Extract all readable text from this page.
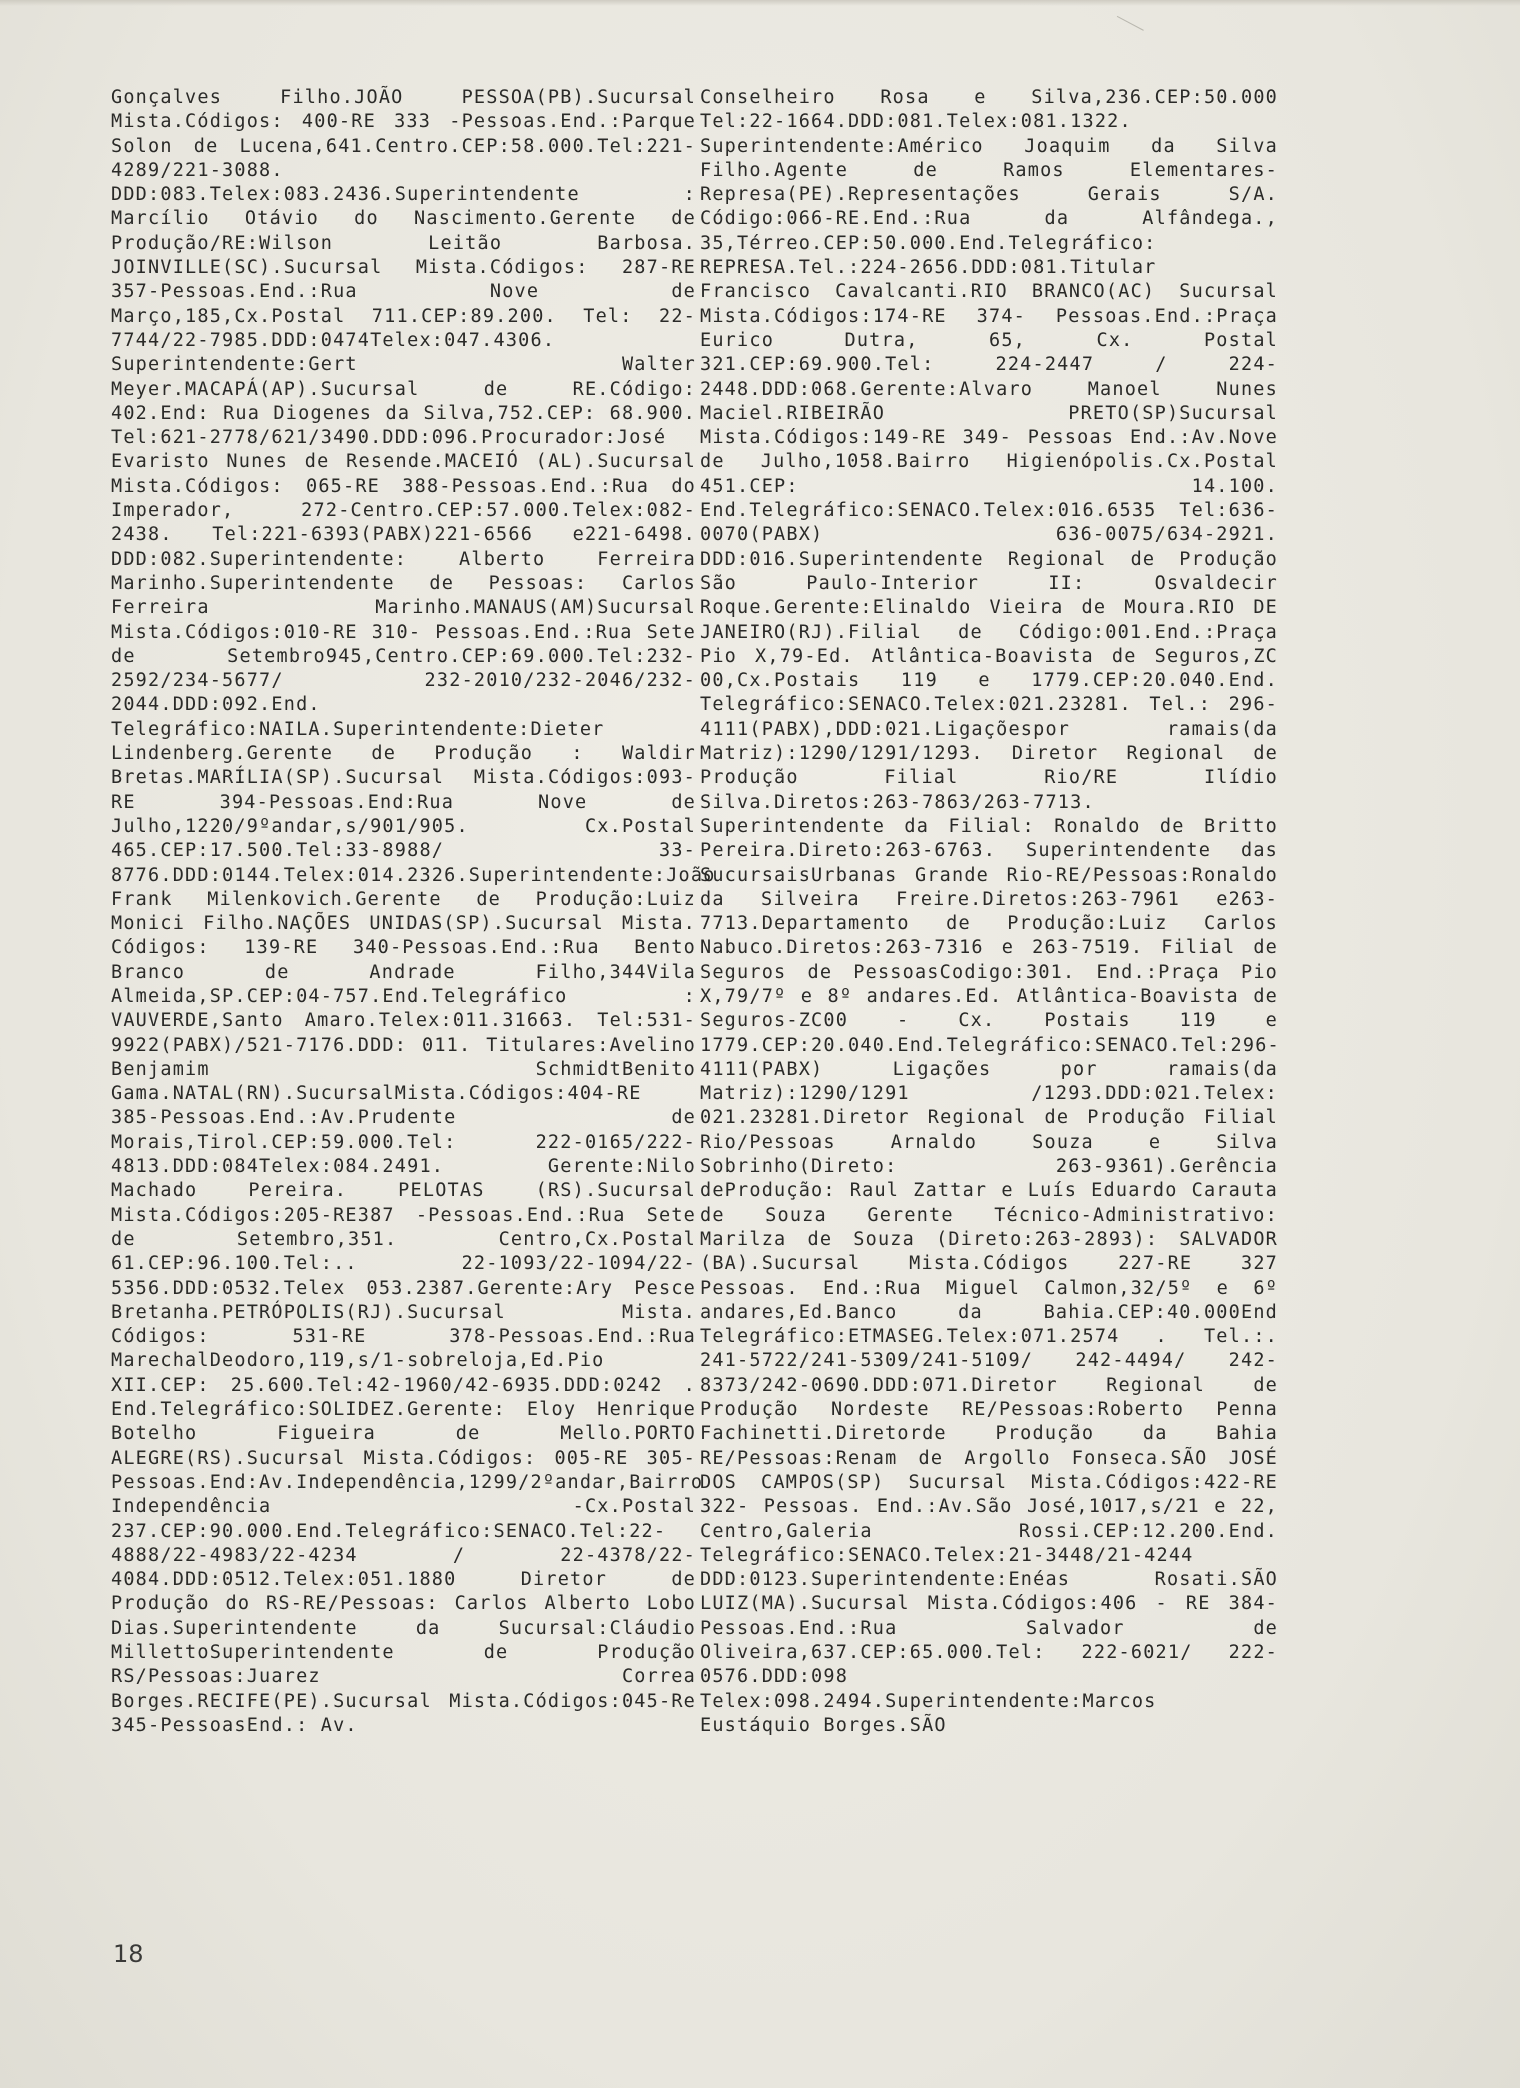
Gonçalves Filho.JOÃO PESSOA(PB).Sucursal Mista.Códigos: 400-RE 333 -Pessoas.End.:Parque Solon de Lucena,641.Centro.CEP:58.000.Tel:221-4289/221-3088. DDD:083.Telex:083.2436.Superintendente : Marcílio Otávio do Nascimento.Gerente de Produção/RE:Wilson Leitão Barbosa. JOINVILLE(SC).Sucursal Mista.Códigos: 287-RE 357-Pessoas.End.:Rua Nove de Março,185,Cx.Postal 711.CEP:89.200. Tel: 22-7744/22-7985.DDD:0474Telex:047.4306. Superintendente:Gert Walter Meyer.MACAPÁ(AP).Sucursal de RE.Código: 402.End: Rua Diogenes da Silva,752.CEP: 68.900. Tel:621-2778/621/3490.DDD:096.Procurador:José Evaristo Nunes de Resende.MACEIÓ (AL).Sucursal Mista.Códigos: 065-RE 388-Pessoas.End.:Rua do Imperador, 272-Centro.CEP:57.000.Telex:082-2438. Tel:221-6393(PABX)221-6566 e221-6498. DDD:082.Superintendente: Alberto Ferreira Marinho.Superintendente de Pessoas: Carlos Ferreira Marinho.MANAUS(AM)Sucursal Mista.Códigos:010-RE 310- Pessoas.End.:Rua Sete de Setembro945,Centro.CEP:69.000.Tel:232-2592/234-5677/ 232-2010/232-2046/232-2044.DDD:092.End. Telegráfico:NAILA.Superintendente:Dieter Lindenberg.Gerente de Produção : Waldir Bretas.MARÍLIA(SP).Sucursal Mista.Códigos:093-RE 394-Pessoas.End:Rua Nove de Julho,1220/9ºandar,s/901/905. Cx.Postal 465.CEP:17.500.Tel:33-8988/ 33-8776.DDD:0144.Telex:014.2326.Superintendente:João Frank Milenkovich.Gerente de Produção:Luiz Monici Filho.NAÇÕES UNIDAS(SP).Sucursal Mista. Códigos: 139-RE 340-Pessoas.End.:Rua Bento Branco de Andrade Filho,344Vila Almeida,SP.CEP:04-757.End.Telegráfico : VAUVERDE,Santo Amaro.Telex:011.31663. Tel:531-9922(PABX)/521-7176.DDD: 011. Titulares:Avelino Benjamim SchmidtBenito Gama.NATAL(RN).SucursalMista.Códigos:404-RE 385-Pessoas.End.:Av.Prudente de Morais,Tirol.CEP:59.000.Tel: 222-0165/222-4813.DDD:084Telex:084.2491. Gerente:Nilo Machado Pereira. PELOTAS (RS).Sucursal Mista.Códigos:205-RE387 -Pessoas.End.:Rua Sete de Setembro,351. Centro,Cx.Postal 61.CEP:96.100.Tel:.. 22-1093/22-1094/22-5356.DDD:0532.Telex 053.2387.Gerente:Ary Pesce Bretanha.PETRÓPOLIS(RJ).Sucursal Mista. Códigos: 531-RE 378-Pessoas.End.:Rua MarechalDeodoro,119,s/1-sobreloja,Ed.Pio XII.CEP: 25.600.Tel:42-1960/42-6935.DDD:0242 . End.Telegráfico:SOLIDEZ.Gerente: Eloy Henrique Botelho Figueira de Mello.PORTO ALEGRE(RS).Sucursal Mista.Códigos: 005-RE 305-Pessoas.End:Av.Independência,1299/2ºandar,Bairro Independência -Cx.Postal 237.CEP:90.000.End.Telegráfico:SENACO.Tel:22-4888/22-4983/22-4234 / 22-4378/22-4084.DDD:0512.Telex:051.1880 Diretor de Produção do RS-RE/Pessoas: Carlos Alberto Lobo Dias.Superintendente da Sucursal:Cláudio MillettoSuperintendente de Produção RS/Pessoas:Juarez Correa Borges.RECIFE(PE).Sucursal Mista.Códigos:045-Re 345-PessoasEnd.: Av.

Conselheiro Rosa e Silva,236.CEP:50.000 Tel:22-1664.DDD:081.Telex:081.1322. Superintendente:Américo Joaquim da Silva Filho.Agente de Ramos Elementares-Represa(PE).Representações Gerais S/A. Código:066-RE.End.:Rua da Alfândega., 35,Térreo.CEP:50.000.End.Telegráfico: REPRESA.Tel.:224-2656.DDD:081.Titular Francisco Cavalcanti.RIO BRANCO(AC) Sucursal Mista.Códigos:174-RE 374- Pessoas.End.:Praça Eurico Dutra, 65, Cx. Postal 321.CEP:69.900.Tel: 224-2447 / 224-2448.DDD:068.Gerente:Alvaro Manoel Nunes Maciel.RIBEIRÃO PRETO(SP)Sucursal Mista.Códigos:149-RE 349- Pessoas End.:Av.Nove de Julho,1058.Bairro Higienópolis.Cx.Postal 451.CEP: 14.100. End.Telegráfico:SENACO.Telex:016.6535 Tel:636-0070(PABX) 636-0075/634-2921. DDD:016.Superintendente Regional de Produção São Paulo-Interior II: Osvaldecir Roque.Gerente:Elinaldo Vieira de Moura.RIO DE JANEIRO(RJ).Filial de Código:001.End.:Praça Pio X,79-Ed. Atlântica-Boavista de Seguros,ZC 00,Cx.Postais 119 e 1779.CEP:20.040.End. Telegráfico:SENACO.Telex:021.23281. Tel.: 296-4111(PABX),DDD:021.Ligaçõespor ramais(da Matriz):1290/1291/1293. Diretor Regional de Produção Filial Rio/RE Ilídio Silva.Diretos:263-7863/263-7713. Superintendente da Filial: Ronaldo de Britto Pereira.Direto:263-6763. Superintendente das SucursaisUrbanas Grande Rio-RE/Pessoas:Ronaldo da Silveira Freire.Diretos:263-7961 e263-7713.Departamento de Produção:Luiz Carlos Nabuco.Diretos:263-7316 e 263-7519. Filial de Seguros de PessoasCodigo:301. End.:Praça Pio X,79/7º e 8º andares.Ed. Atlântica-Boavista de Seguros-ZC00 - Cx. Postais 119 e 1779.CEP:20.040.End.Telegráfico:SENACO.Tel:296-4111(PABX) Ligações por ramais(da Matriz):1290/1291 /1293.DDD:021.Telex: 021.23281.Diretor Regional de Produção Filial Rio/Pessoas Arnaldo Souza e Silva Sobrinho(Direto: 263-9361).Gerência deProdução: Raul Zattar e Luís Eduardo Carauta de Souza Gerente Técnico-Administrativo: Marilza de Souza (Direto:263-2893): SALVADOR (BA).Sucursal Mista.Códigos 227-RE 327 Pessoas. End.:Rua Miguel Calmon,32/5º e 6º andares,Ed.Banco da Bahia.CEP:40.000End Telegráfico:ETMASEG.Telex:071.2574 . Tel.:. 241-5722/241-5309/241-5109/ 242-4494/ 242-8373/242-0690.DDD:071.Diretor Regional de Produção Nordeste RE/Pessoas:Roberto Penna Fachinetti.Diretorde Produção da Bahia RE/Pessoas:Renam de Argollo Fonseca.SÃO JOSÉ DOS CAMPOS(SP) Sucursal Mista.Códigos:422-RE 322- Pessoas. End.:Av.São José,1017,s/21 e 22, Centro,Galeria Rossi.CEP:12.200.End. Telegráfico:SENACO.Telex:21-3448/21-4244 DDD:0123.Superintendente:Enéas Rosati.SÃO LUIZ(MA).Sucursal Mista.Códigos:406 - RE 384-Pessoas.End.:Rua Salvador de Oliveira,637.CEP:65.000.Tel: 222-6021/ 222-0576.DDD:098 Telex:098.2494.Superintendente:Marcos Eustáquio Borges.SÃO

18
